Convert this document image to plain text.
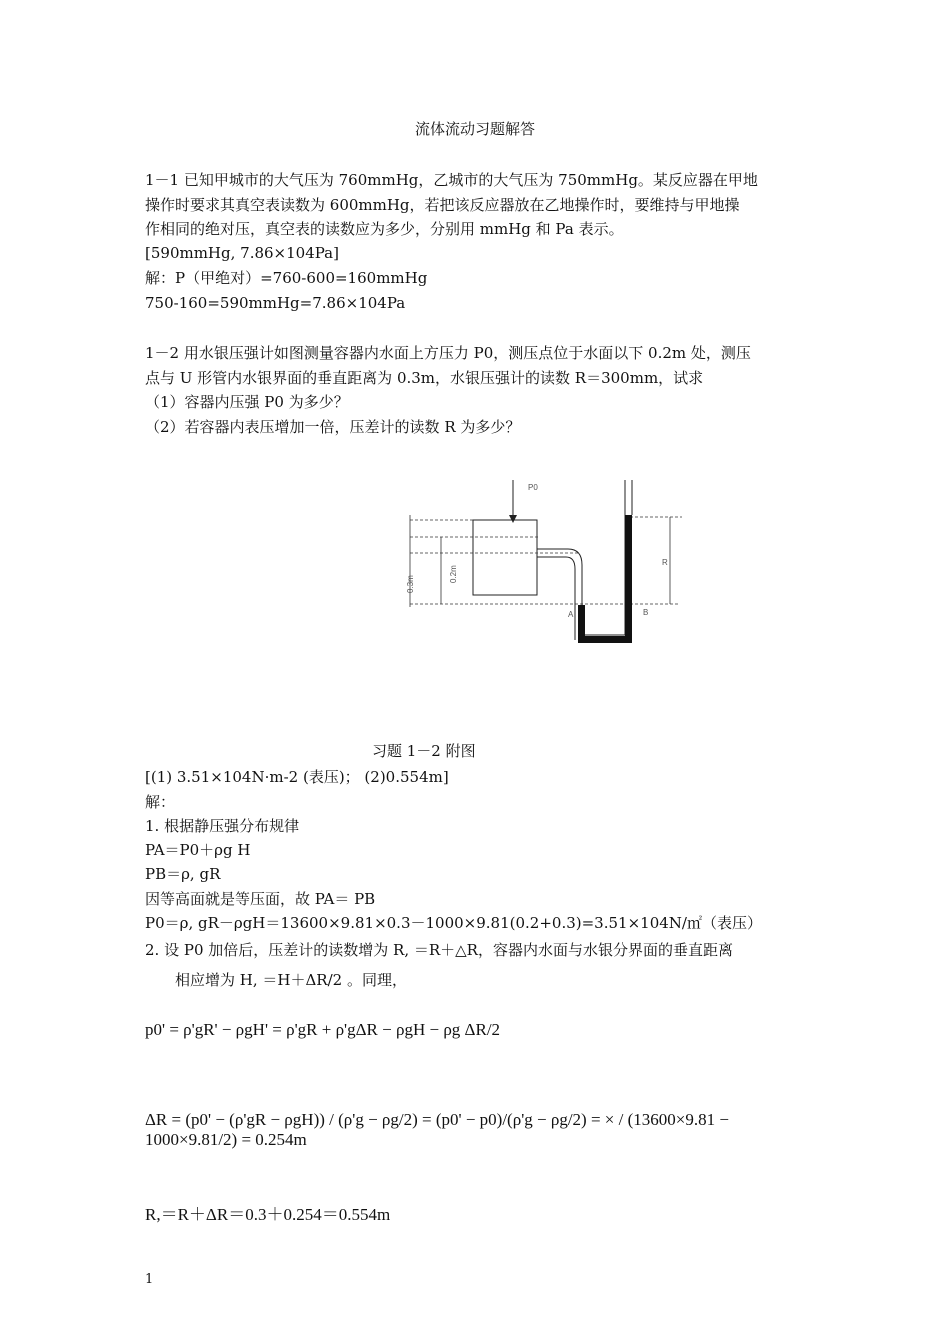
流体流动习题解答
1－1 已知甲城市的大气压为 760mmHg，乙城市的大气压为 750mmHg。某反应器在甲地
操作时要求其真空表读数为 600mmHg，若把该反应器放在乙地操作时，要维持与甲地操
作相同的绝对压，真空表的读数应为多少，分别用 mmHg 和 Pa 表示。
[590mmHg, 7.86×104Pa]
解：P（甲绝对）=760-600=160mmHg
750-160=590mmHg=7.86×104Pa
1－2 用水银压强计如图测量容器内水面上方压力 P0，测压点位于水面以下 0.2m 处，测压
点与 U 形管内水银界面的垂直距离为 0.3m，水银压强计的读数 R＝300mm，试求
（1）容器内压强 P0 为多少？
（2）若容器内表压增加一倍，压差计的读数 R 为多少？
P0
0.3m
0.2m
R
A	B
习题 1－2 附图
[(1) 3.51×104N·m-2 (表压)； (2)0.554m]
解：
1. 根据静压强分布规律
PA＝P0＋ρg H
PB＝ρ, gR
因等高面就是等压面，故 PA＝ PB
P0＝ρ, gR－ρgH＝13600×9.81×0.3－1000×9.81(0.2+0.3)=3.51×104N/㎡（表压）
2. 设 P0 加倍后，压差计的读数增为 R, ＝R＋△R，容器内水面与水银分界面的垂直距离
相应增为 H, ＝H＋ΔR/2 。同理，
p0' = ρ'gR' − ρgH' = ρ'gR + ρ'gΔR − ρgH − ρg ΔR/2
ΔR = (p0' − (ρ'gR − ρgH)) / (ρ'g − ρg/2) = (p0' − p0)/(ρ'g − ρg/2) = × / (13600×9.81 − 1000×9.81/2) = 0.254m
R,＝R＋ΔR＝0.3＋0.254＝0.554m
1
